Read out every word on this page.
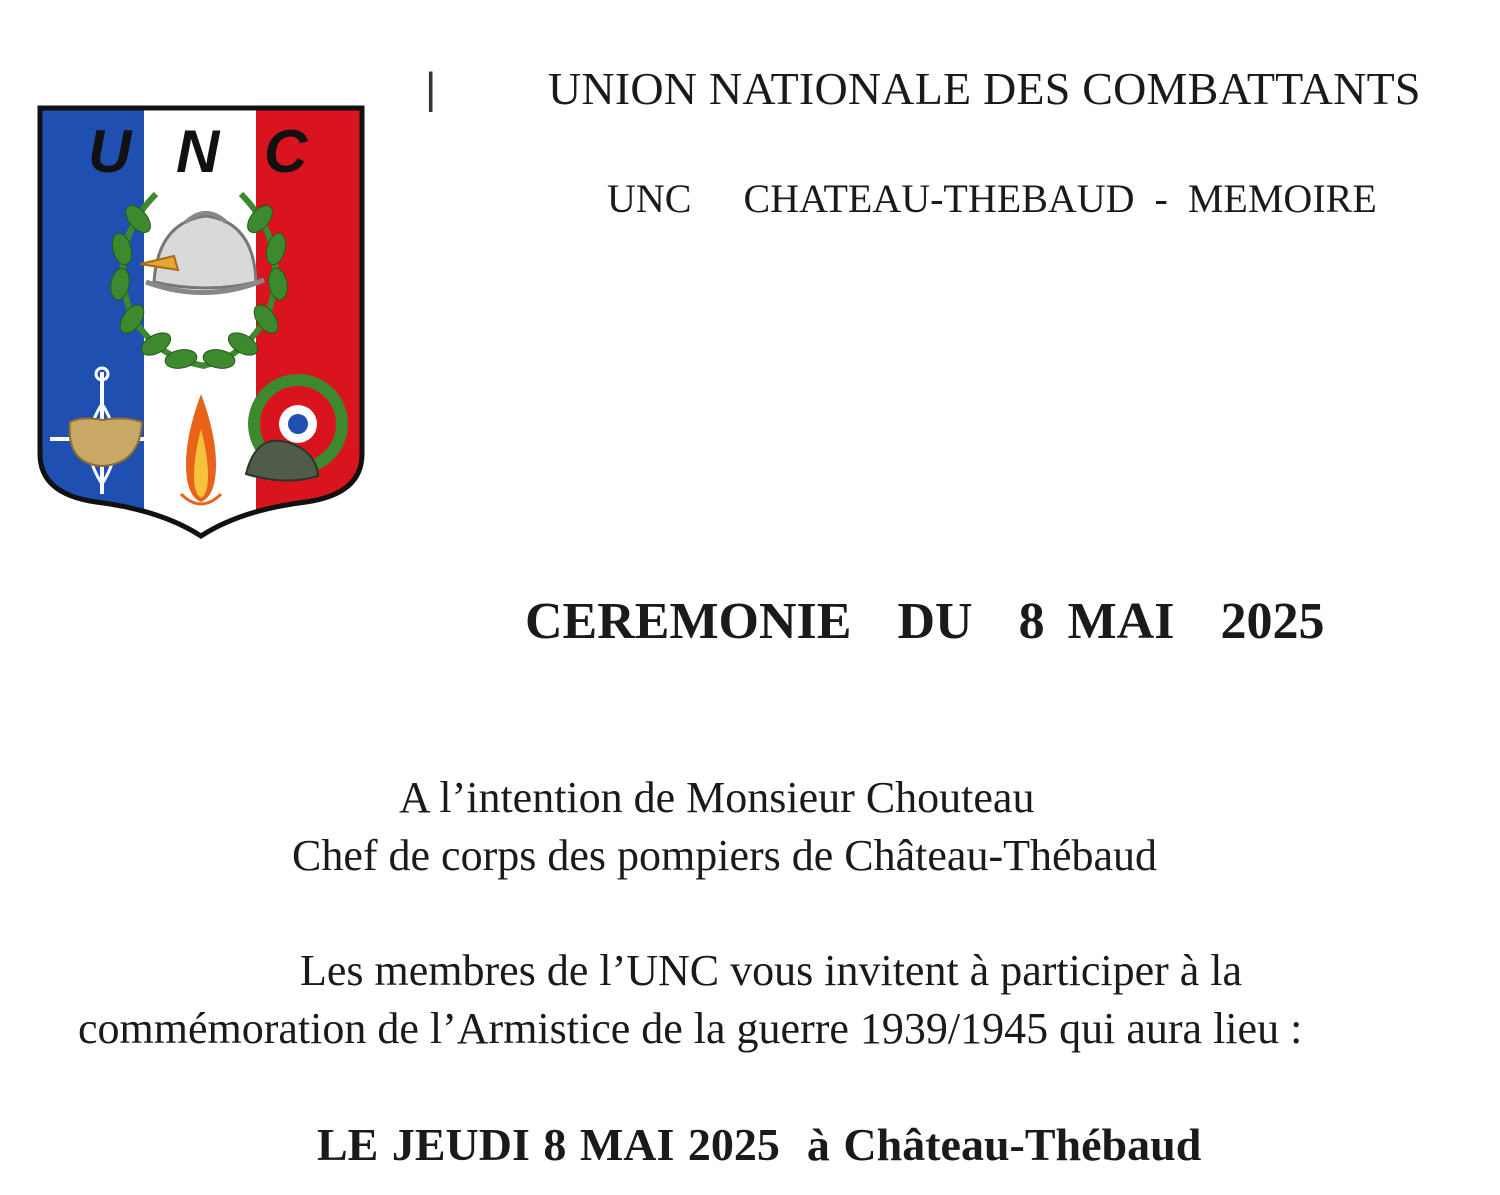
U N C
| UNION NATIONALE DES COMBATTANTS
UNC CHATEAU-THEBAUD - MEMOIRE
CEREMONIE  DU  8 MAI  2025
A l’intention de Monsieur Chouteau
Chef de corps des pompiers de Château-Thébaud
Les membres de l’UNC vous invitent à participer à la
commémoration de l’Armistice de la guerre 1939/1945 qui aura lieu :
LE JEUDI 8 MAI 2025  à Château-Thébaud
